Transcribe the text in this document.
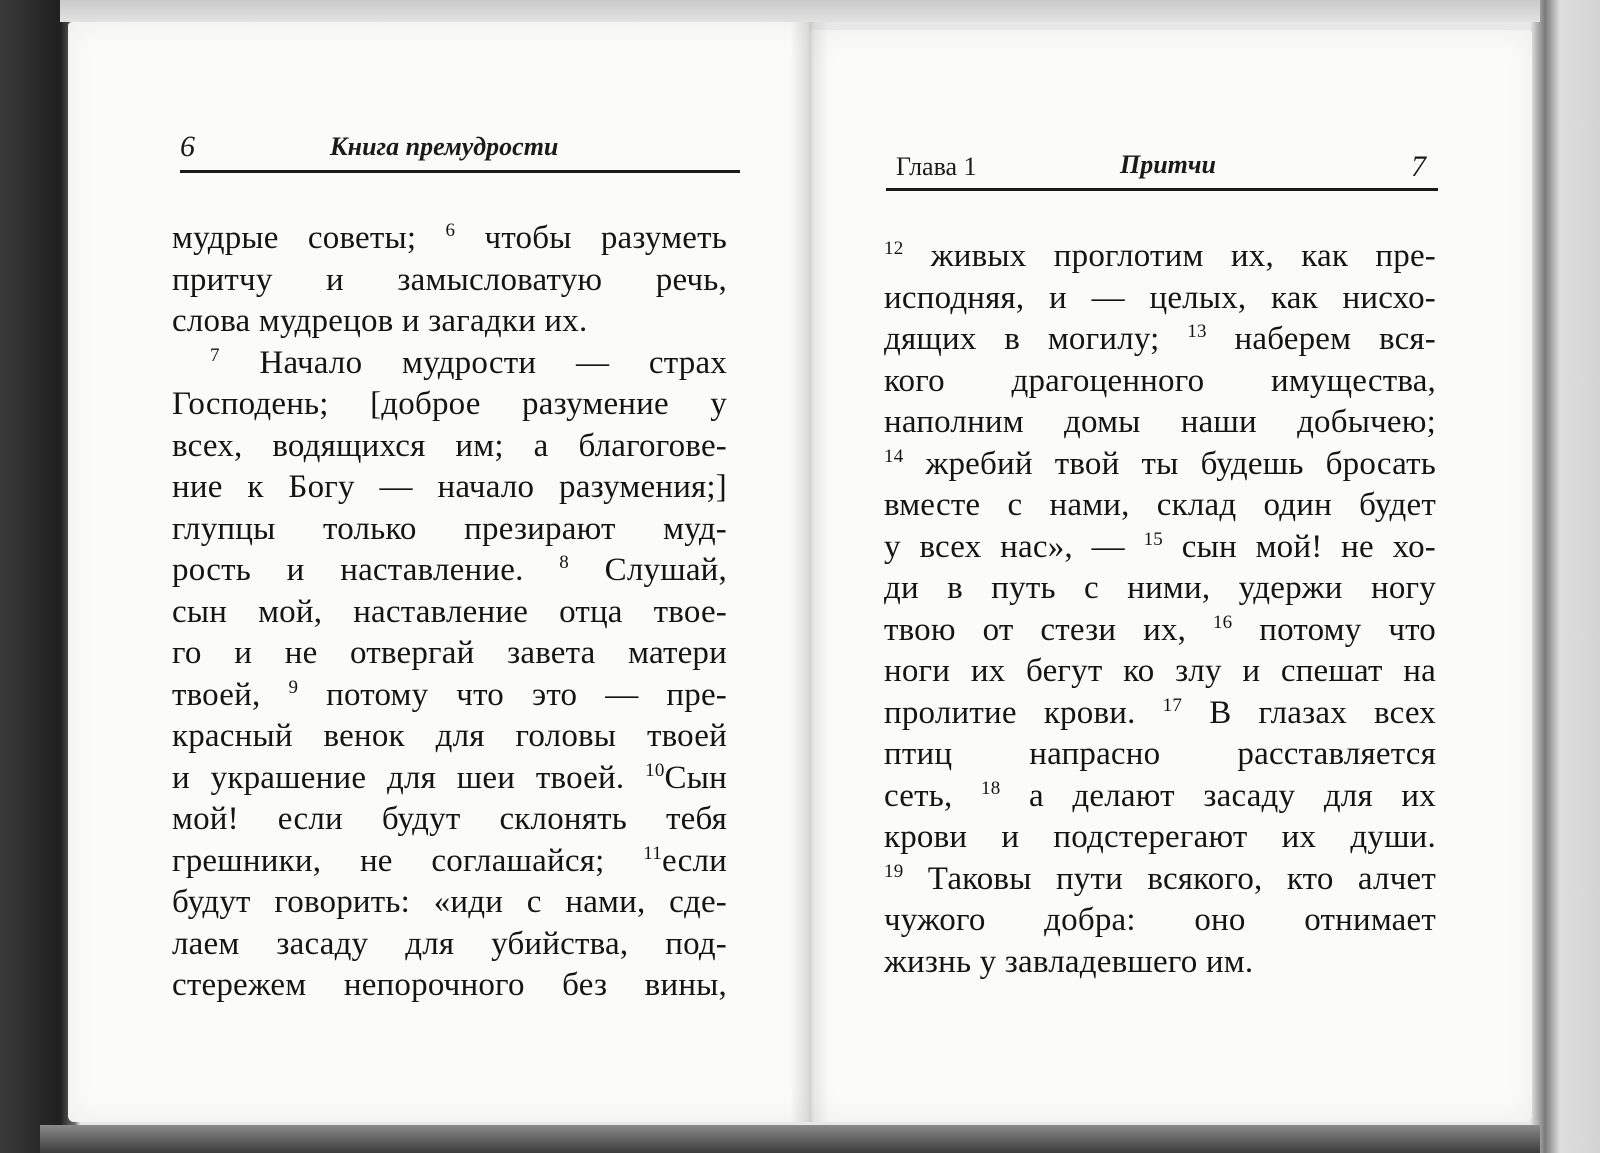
6	Книга премудрости
мудрые советы; $^6$ чтобы разуметь
притчу и замысловатую речь,
слова мудрецов и загадки их.
$^7$ Начало мудрости — страх
Господень; [доброе разумение у
всех, водящихся им; а благогове-
ние к Богу — начало разумения;]
глупцы только презирают муд-
рость и наставление. $^8$ Слушай,
сын мой, наставление отца твое-
го и не отвергай завета матери
твоей, $^9$ потому что это — пре-
красный венок для головы твоей
и украшение для шеи твоей. $^{10}$Сын
мой! если будут склонять тебя
грешники, не соглашайся; $^{11}$если
будут говорить: «иди с нами, сде-
лаем засаду для убийства, под-
стережем непорочного без вины,
Глава 1	Притчи	7
$^{12}$ живых проглотим их, как пре-
исподняя, и — целых, как нисхо-
дящих в могилу; $^{13}$ наберем вся-
кого драгоценного имущества,
наполним домы наши добычею;
$^{14}$ жребий твой ты будешь бросать
вместе с нами, склад один будет
у всех нас», — $^{15}$ сын мой! не хо-
ди в путь с ними, удержи ногу
твою от стези их, $^{16}$ потому что
ноги их бегут ко злу и спешат на
пролитие крови. $^{17}$ В глазах всех
птиц напрасно расставляется
сеть, $^{18}$ а делают засаду для их
крови и подстерегают их души.
$^{19}$ Таковы пути всякого, кто алчет
чужого добра: оно отнимает
жизнь у завладевшего им.
